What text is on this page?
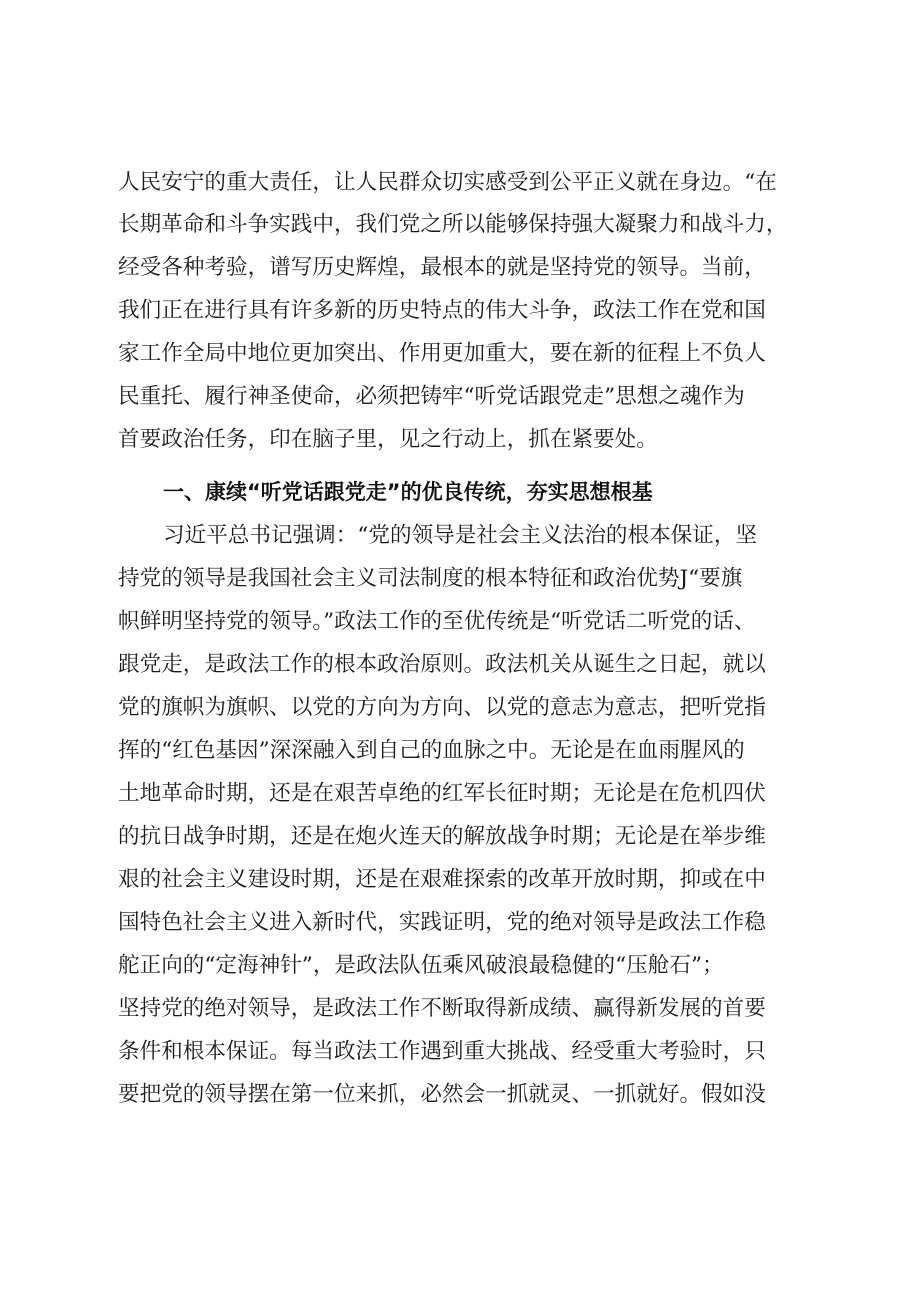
人民安宁的重大责任，让人民群众切实感受到公平正义就在身边。“在
长期革命和斗争实践中，我们党之所以能够保持强大凝聚力和战斗力，
经受各种考验，谱写历史辉煌，最根本的就是坚持党的领导。当前，
我们正在进行具有许多新的历史特点的伟大斗争，政法工作在党和国
家工作全局中地位更加突出、作用更加重大，要在新的征程上不负人
民重托、履行神圣使命，必须把铸牢“听党话跟党走”思想之魂作为
首要政治任务，印在脑子里，见之行动上，抓在紧要处。
一、康续“听党话跟党走”的优良传统，夯实思想根基
习近平总书记强调：“党的领导是社会主义法治的根本保证，坚
持党的领导是我国社会主义司法制度的根本特征和政治优势J“要旗
帜鲜明坚持党的领导。”政法工作的至优传统是“听党话二听党的话、
跟党走，是政法工作的根本政治原则。政法机关从诞生之日起，就以
党的旗帜为旗帜、以党的方向为方向、以党的意志为意志，把听党指
挥的“红色基因”深深融入到自己的血脉之中。无论是在血雨腥风的
土地革命时期，还是在艰苦卓绝的红军长征时期；无论是在危机四伏
的抗日战争时期，还是在炮火连天的解放战争时期；无论是在举步维
艰的社会主义建设时期，还是在艰难探索的改革开放时期，抑或在中
国特色社会主义进入新时代，实践证明，党的绝对领导是政法工作稳
舵正向的“定海神针”，是政法队伍乘风破浪最稳健的“压舱石”；
坚持党的绝对领导，是政法工作不断取得新成绩、赢得新发展的首要
条件和根本保证。每当政法工作遇到重大挑战、经受重大考验时，只
要把党的领导摆在第一位来抓，必然会一抓就灵、一抓就好。假如没
